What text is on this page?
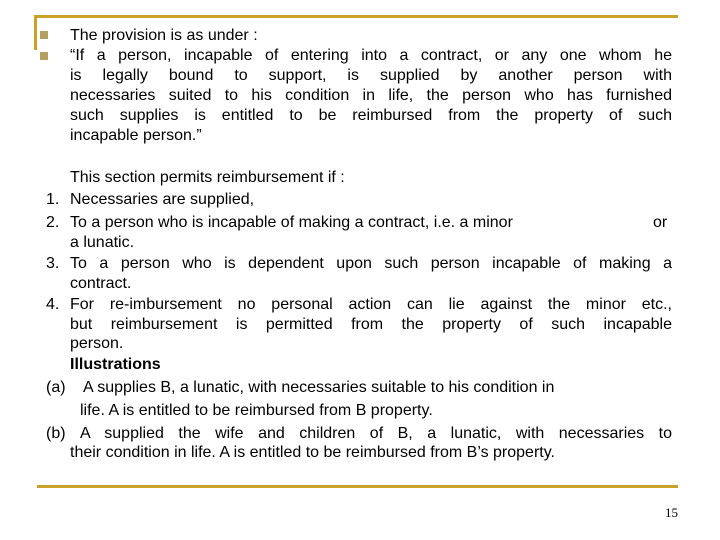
The provision is as under :
“If a person, incapable of entering into a contract, or any one whom he
is legally bound to support, is supplied by another person with
necessaries suited to his condition in life, the person who has furnished
such supplies is entitled to be reimbursed from the property of such
incapable person.”
This section permits reimbursement if :
1. Necessaries are supplied,
2. To a person who is incapable of making a contract, i.e. a minor	or
a lunatic.
3. To a person who is dependent upon such person incapable of making a
contract.
4. For re-imbursement no personal action can lie against the minor etc.,
but reimbursement is permitted from the property of such incapable
person.
Illustrations
(a) A supplies B, a lunatic, with necessaries suitable to his condition in
life. A is entitled to be reimbursed from B property.
(b) A supplied the wife and children of B, a lunatic, with necessaries to
their condition in life. A is entitled to be reimbursed from B’s property.
15
